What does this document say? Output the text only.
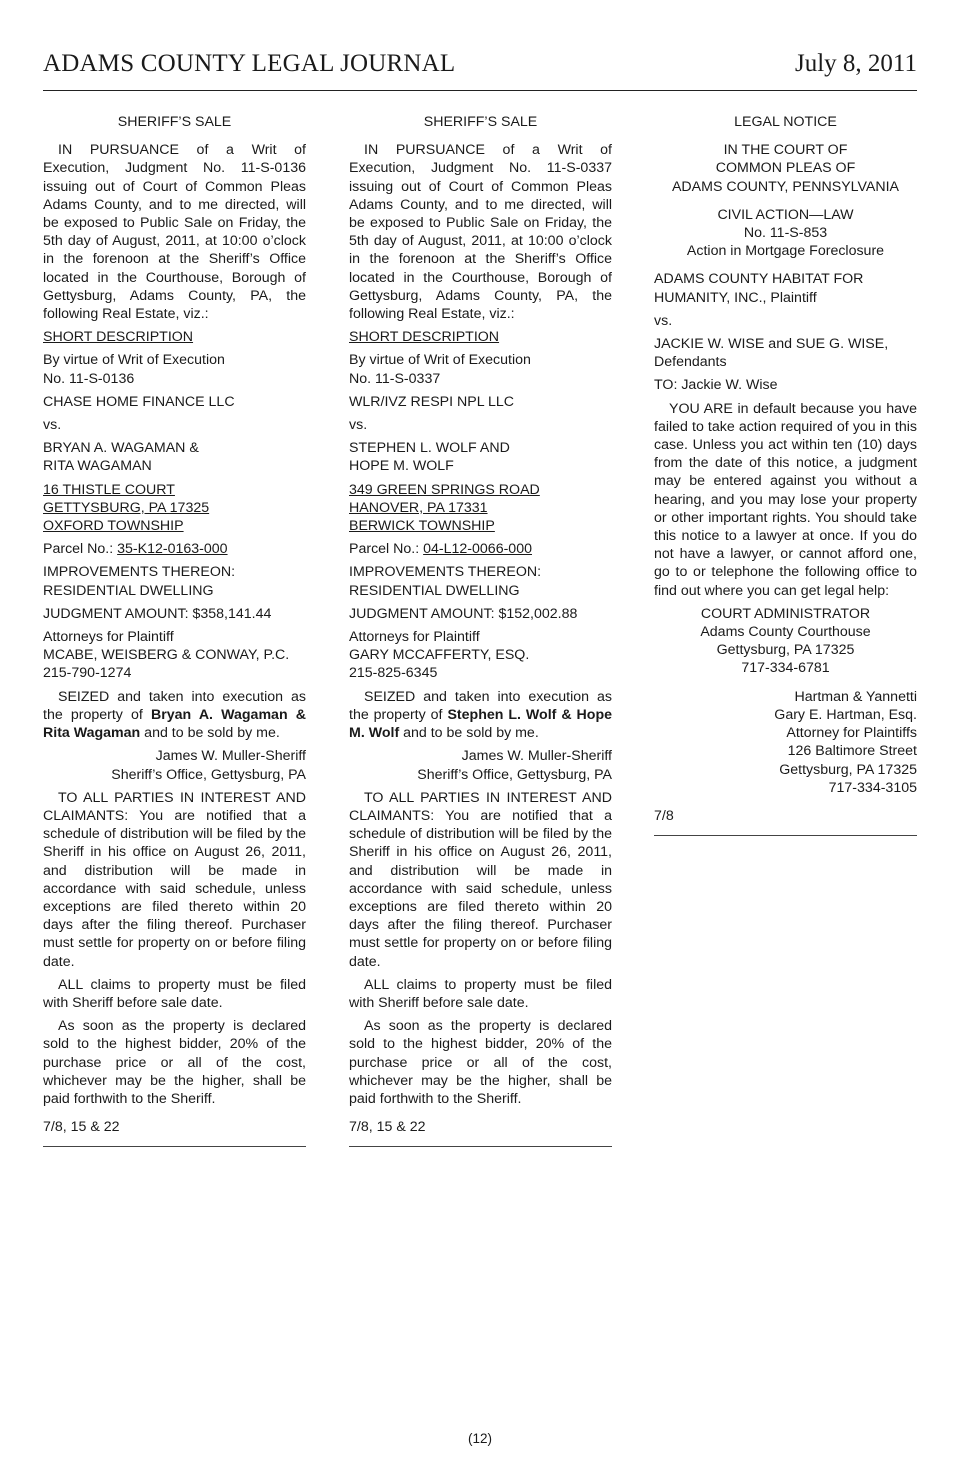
ADAMS COUNTY LEGAL JOURNAL	July 8, 2011
SHERIFF’S SALE

IN PURSUANCE of a Writ of Execution, Judgment No. 11-S-0136 issuing out of Court of Common Pleas Adams County, and to me directed, will be exposed to Public Sale on Friday, the 5th day of August, 2011, at 10:00 o’clock in the forenoon at the Sheriff’s Office located in the Courthouse, Borough of Gettysburg, Adams County, PA, the following Real Estate, viz.:

SHORT DESCRIPTION

By virtue of Writ of Execution
No. 11-S-0136

CHASE HOME FINANCE LLC

vs.

BRYAN A. WAGAMAN &
RITA WAGAMAN

16 THISTLE COURT
GETTYSBURG, PA 17325
OXFORD TOWNSHIP

Parcel No.: 35-K12-0163-000

IMPROVEMENTS THEREON:
RESIDENTIAL DWELLING

JUDGMENT AMOUNT: $358,141.44

Attorneys for Plaintiff
MCABE, WEISBERG & CONWAY, P.C.
215-790-1274

SEIZED and taken into execution as the property of Bryan A. Wagaman & Rita Wagaman and to be sold by me.

James W. Muller-Sheriff
Sheriff’s Office, Gettysburg, PA

TO ALL PARTIES IN INTEREST AND CLAIMANTS: You are notified that a schedule of distribution will be filed by the Sheriff in his office on August 26, 2011, and distribution will be made in accordance with said schedule, unless exceptions are filed thereto within 20 days after the filing thereof. Purchaser must settle for property on or before filing date.

ALL claims to property must be filed with Sheriff before sale date.

As soon as the property is declared sold to the highest bidder, 20% of the purchase price or all of the cost, whichever may be the higher, shall be paid forthwith to the Sheriff.

7/8, 15 & 22

SHERIFF’S SALE

IN PURSUANCE of a Writ of Execution, Judgment No. 11-S-0337 issuing out of Court of Common Pleas Adams County, and to me directed, will be exposed to Public Sale on Friday, the 5th day of August, 2011, at 10:00 o’clock in the forenoon at the Sheriff’s Office located in the Courthouse, Borough of Gettysburg, Adams County, PA, the following Real Estate, viz.:

SHORT DESCRIPTION

By virtue of Writ of Execution
No. 11-S-0337

WLR/IVZ RESPI NPL LLC

vs.

STEPHEN L. WOLF AND
HOPE M. WOLF

349 GREEN SPRINGS ROAD
HANOVER, PA 17331
BERWICK TOWNSHIP

Parcel No.: 04-L12-0066-000

IMPROVEMENTS THEREON:
RESIDENTIAL DWELLING

JUDGMENT AMOUNT: $152,002.88

Attorneys for Plaintiff
GARY MCCAFFERTY, ESQ.
215-825-6345

SEIZED and taken into execution as the property of Stephen L. Wolf & Hope M. Wolf and to be sold by me.

James W. Muller-Sheriff
Sheriff’s Office, Gettysburg, PA

TO ALL PARTIES IN INTEREST AND CLAIMANTS: You are notified that a schedule of distribution will be filed by the Sheriff in his office on August 26, 2011, and distribution will be made in accordance with said schedule, unless exceptions are filed thereto within 20 days after the filing thereof. Purchaser must settle for property on or before filing date.

ALL claims to property must be filed with Sheriff before sale date.

As soon as the property is declared sold to the highest bidder, 20% of the purchase price or all of the cost, whichever may be the higher, shall be paid forthwith to the Sheriff.

7/8, 15 & 22

LEGAL NOTICE

IN THE COURT OF
COMMON PLEAS OF
ADAMS COUNTY, PENNSYLVANIA

CIVIL ACTION—LAW
No. 11-S-853
Action in Mortgage Foreclosure

ADAMS COUNTY HABITAT FOR
HUMANITY, INC., Plaintiff

vs.

JACKIE W. WISE and SUE G. WISE,
Defendants

TO: Jackie W. Wise

YOU ARE in default because you have failed to take action required of you in this case. Unless you act within ten (10) days from the date of this notice, a judgment may be entered against you without a hearing, and you may lose your property or other important rights. You should take this notice to a lawyer at once. If you do not have a lawyer, or cannot afford one, go to or telephone the following office to find out where you can get legal help:

COURT ADMINISTRATOR
Adams County Courthouse
Gettysburg, PA 17325
717-334-6781

Hartman & Yannetti
Gary E. Hartman, Esq.
Attorney for Plaintiffs
126 Baltimore Street
Gettysburg, PA 17325
717-334-3105

7/8

(12)
